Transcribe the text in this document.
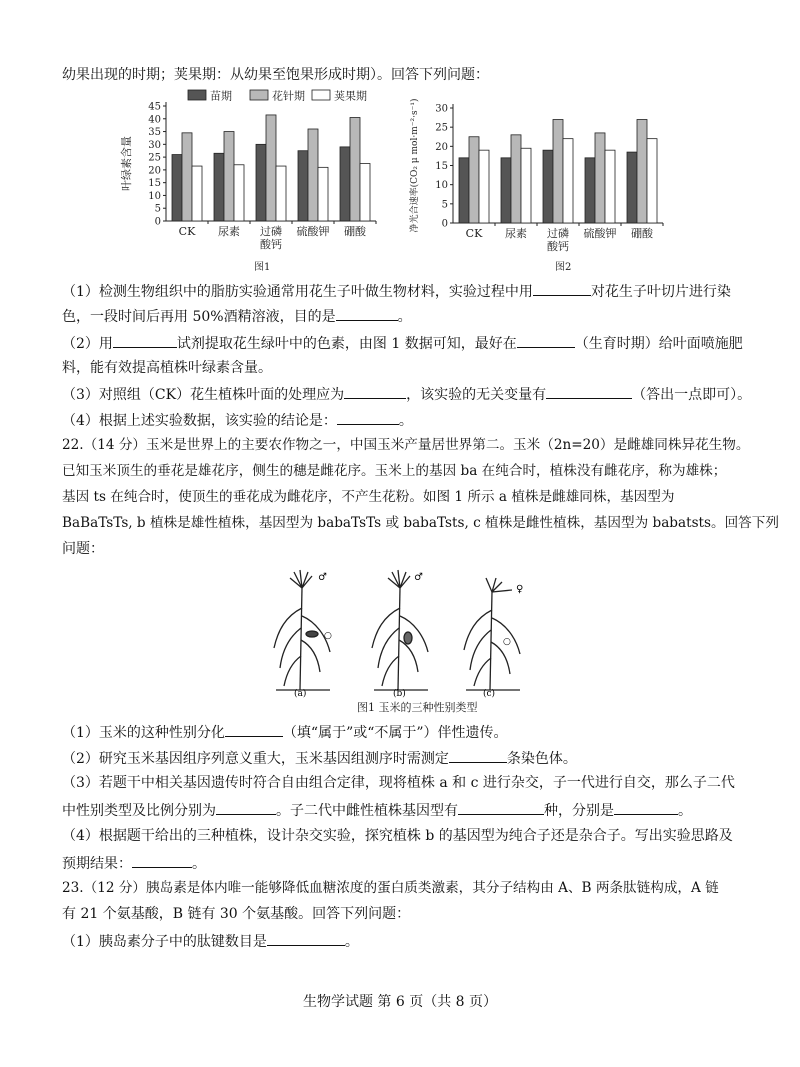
幼果出现的时期；荚果期：从幼果至饱果形成时期）。回答下列问题：
0
5
10
15
20
25
30
35
40
45
叶绿素含量
CK 尿素 过磷
酸钙
硫酸钾 硼酸
苗期	花针期	荚果期
图1
0
5
10
15
20
25
30
净光合速率(CO₂ μ mol·m⁻²·s⁻¹)
CK 尿素 过磷
酸钙
硫酸钾 硼酸
图2
（1）检测生物组织中的脂肪实验通常用花生子叶做生物材料，实验过程中用	对花生子叶切片进行染
色，一段时间后再用 50%酒精溶液，目的是	。
（2）用	试剂提取花生绿叶中的色素，由图 1 数据可知，最好在	（生育时期）给叶面喷施肥
料，能有效提高植株叶绿素含量。
（3）对照组（CK）花生植株叶面的处理应为	，该实验的无关变量有	（答出一点即可）。
（4）根据上述实验数据，该实验的结论是：	。
22.（14 分）玉米是世界上的主要农作物之一，中国玉米产量居世界第二。玉米（2n=20）是雌雄同株异花生物。
已知玉米顶生的垂花是雄花序，侧生的穗是雌花序。玉米上的基因 ba 在纯合时，植株没有雌花序，称为雄株；
基因 ts 在纯合时，使顶生的垂花成为雌花序，不产生花粉。如图 1 所示 a 植株是雌雄同株，基因型为
BaBaTsTs, b 植株是雄性植株，基因型为 babaTsTs 或 babaTsts, c 植株是雌性植株，基因型为 babatsts。回答下列
问题：
♂
○
(a)
♂
(b)
♀
○
(c)
图1 玉米的三种性别类型
（1）玉米的这种性别分化	（填“属于”或“不属于”）伴性遗传。
（2）研究玉米基因组序列意义重大，玉米基因组测序时需测定	条染色体。
（3）若题干中相关基因遗传时符合自由组合定律，现将植株 a 和 c 进行杂交，子一代进行自交，那么子二代
中性别类型及比例分别为	。子二代中雌性植株基因型有	种，分别是	。
（4）根据题干给出的三种植株，设计杂交实验，探究植株 b 的基因型为纯合子还是杂合子。写出实验思路及
预期结果：	。
23.（12 分）胰岛素是体内唯一能够降低血糖浓度的蛋白质类激素，其分子结构由 A、B 两条肽链构成，A 链
有 21 个氨基酸，B 链有 30 个氨基酸。回答下列问题：
（1）胰岛素分子中的肽键数目是	。
生物学试题 第 6 页（共 8 页）
